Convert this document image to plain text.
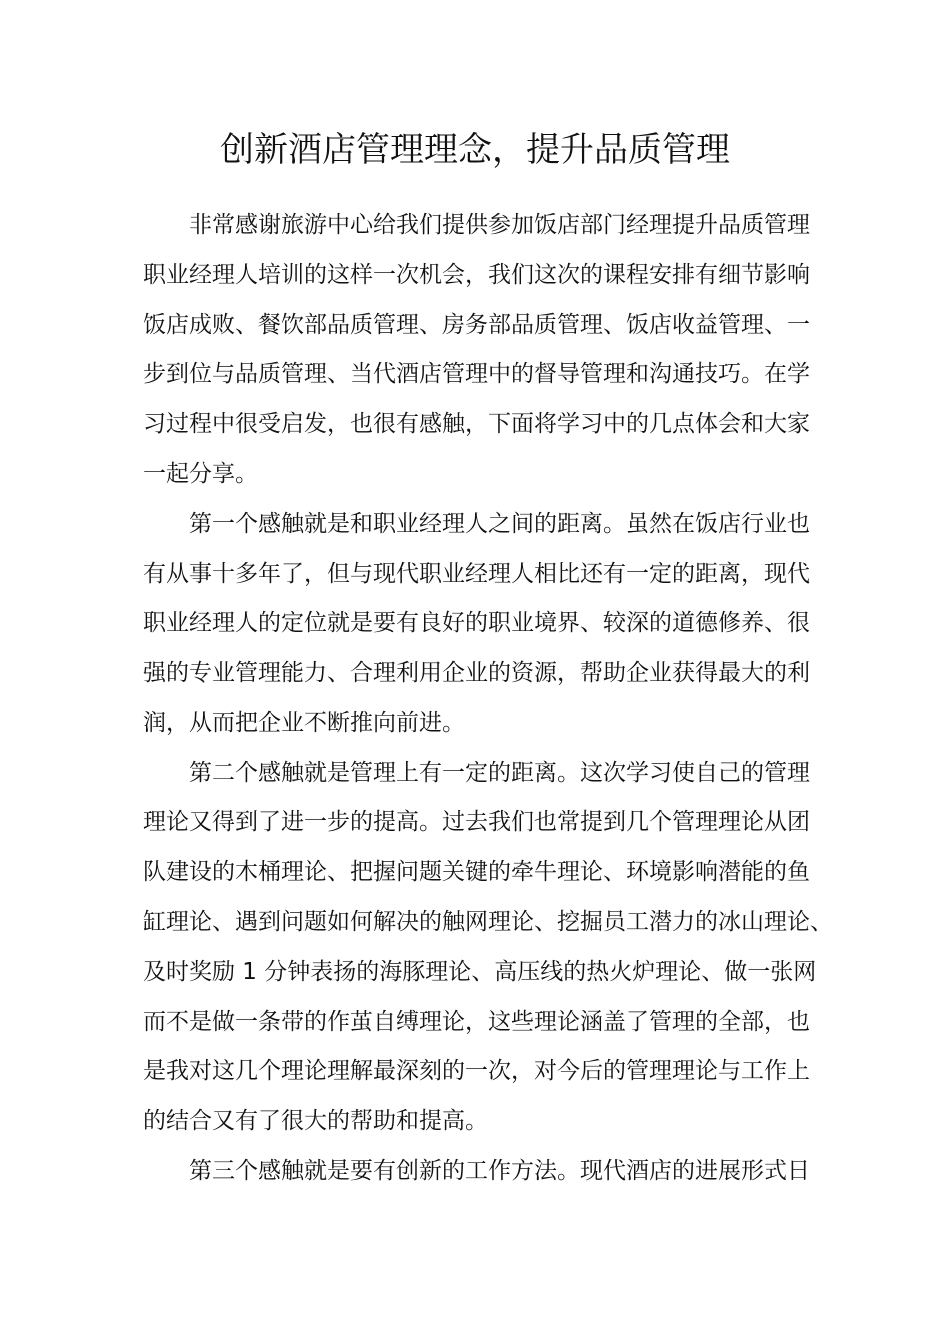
创新酒店管理理念，提升品质管理

　　非常感谢旅游中心给我们提供参加饭店部门经理提升品质管理

职业经理人培训的这样一次机会，我们这次的课程安排有细节影响

饭店成败、餐饮部品质管理、房务部品质管理、饭店收益管理、一

步到位与品质管理、当代酒店管理中的督导管理和沟通技巧。在学

习过程中很受启发，也很有感触，下面将学习中的几点体会和大家

一起分享。

　　第一个感触就是和职业经理人之间的距离。虽然在饭店行业也

有从事十多年了，但与现代职业经理人相比还有一定的距离，现代

职业经理人的定位就是要有良好的职业境界、较深的道德修养、很

强的专业管理能力、合理利用企业的资源，帮助企业获得最大的利

润，从而把企业不断推向前进。

　　第二个感触就是管理上有一定的距离。这次学习使自己的管理

理论又得到了进一步的提高。过去我们也常提到几个管理理论从团

队建设的木桶理论、把握问题关键的牵牛理论、环境影响潜能的鱼

缸理论、遇到问题如何解决的触网理论、挖掘员工潜力的冰山理论、

及时奖励 1 分钟表扬的海豚理论、高压线的热火炉理论、做一张网

而不是做一条带的作茧自缚理论，这些理论涵盖了管理的全部，也

是我对这几个理论理解最深刻的一次，对今后的管理理论与工作上

的结合又有了很大的帮助和提高。

　　第三个感触就是要有创新的工作方法。现代酒店的进展形式日
